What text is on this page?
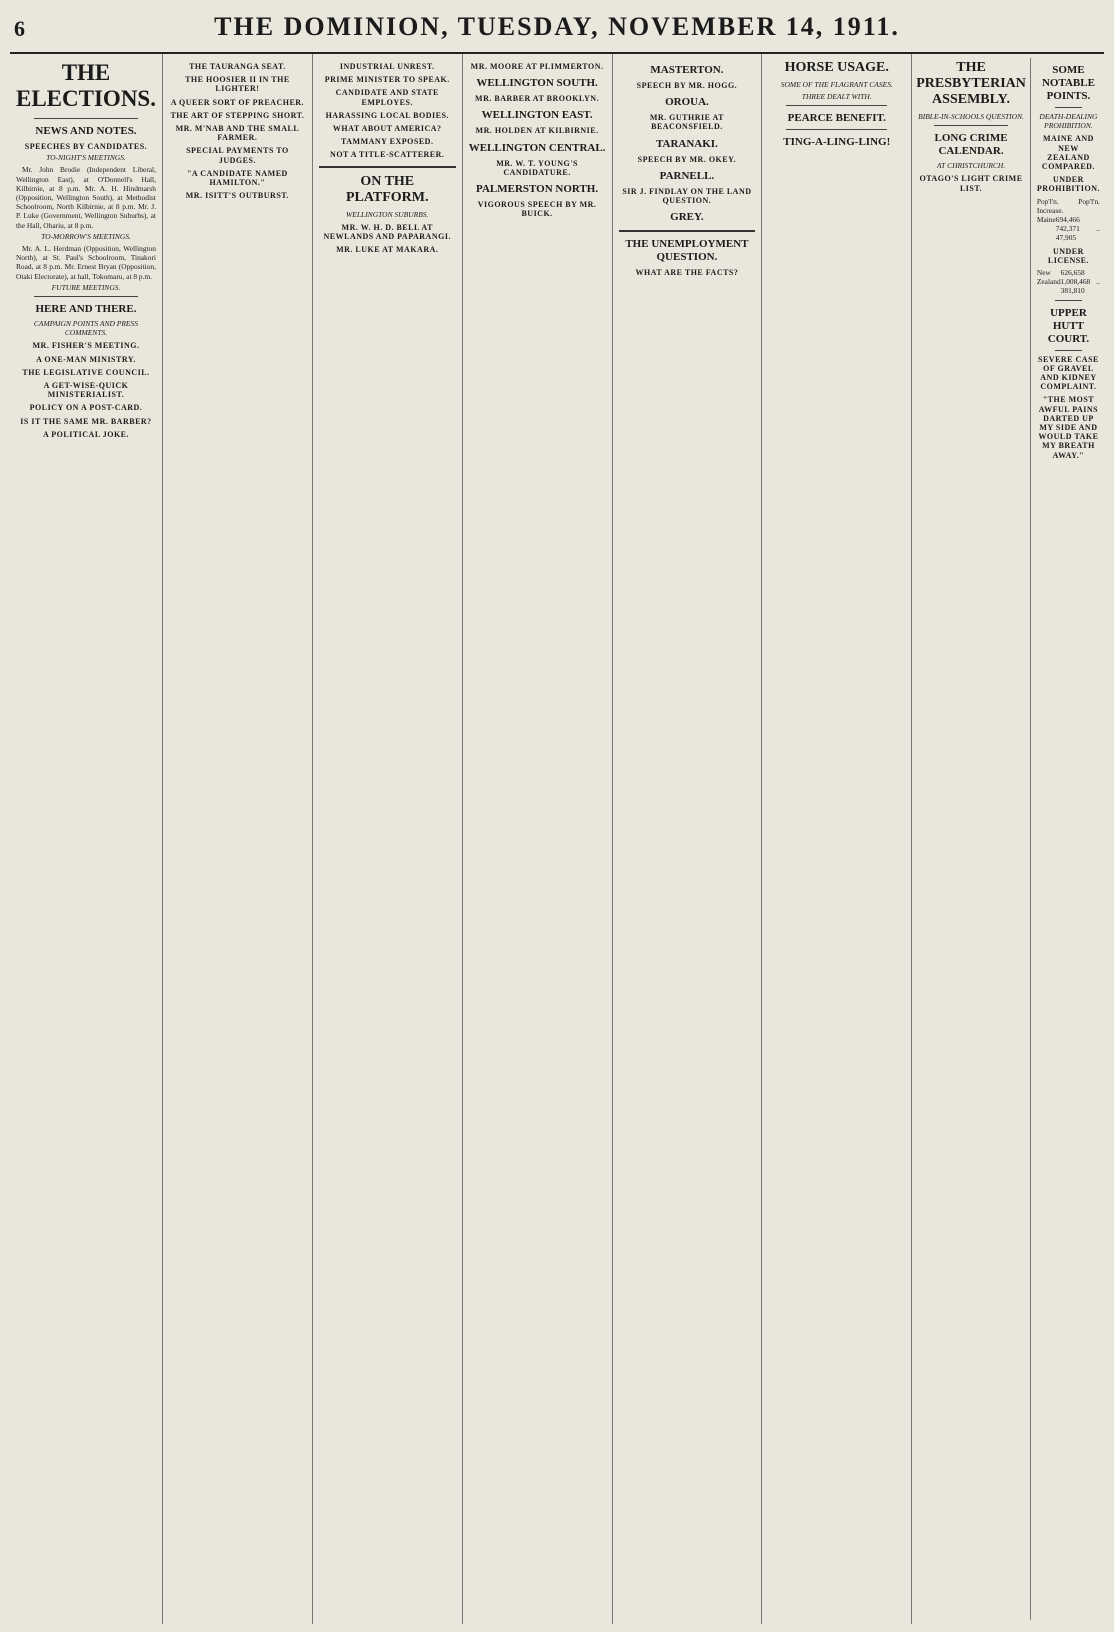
6	THE DOMINION, TUESDAY, NOVEMBER 14, 1911.
THE ELECTIONS.
NEWS AND NOTES.
SPEECHES BY CANDIDATES.
TO-NIGHT'S MEETINGS.

Mr. John Brodie (Independent Liberal, Wellington East), at O'Donnell's Hall, Kilbirnie, at 8 p.m. Mr. A. H. Hindmarsh (Opposition, Wellington South), at Methodist Schoolroom, North Kilbirnie, at 8 p.m. Mr. J. P. Luke (Government, Wellington Suburbs), at the Hall, Ohariu, at 8 p.m.

TO-MORROW'S MEETINGS.

Mr. A. L. Herdman (Opposition, Wellington North), at St. Paul's Schoolroom, Tinakori Road, at 8 p.m. Mr. Ernest Bryan (Opposition, Otaki Electorate), at hall, Tokomaru, at 8 p.m.

FUTURE MEETINGS.
HERE AND THERE.
CAMPAIGN POINTS AND PRESS COMMENTS.
MR. FISHER'S MEETING.
A ONE-MAN MINISTRY.
THE LEGISLATIVE COUNCIL.
A GET-WISE-QUICK MINISTERIALIST.
POLICY ON A POST-CARD.
IS IT THE SAME MR. BARBER?
A POLITICAL JOKE.
THE TAURANGA SEAT.
THE HOOSIER II IN THE LIGHTER!
A QUEER SORT OF PREACHER.
THE ART OF STEPPING SHORT.
MR. M'NAB AND THE SMALL FARMER.
SPECIAL PAYMENTS TO JUDGES.
"A CANDIDATE NAMED HAMILTON."
MR. ISITT'S OUTBURST.
INDUSTRIAL UNREST.
PRIME MINISTER TO SPEAK.
CANDIDATE AND STATE EMPLOYES.
HARASSING LOCAL BODIES.
WHAT ABOUT AMERICA?
TAMMANY EXPOSED.
NOT A TITLE-SCATTERER.
ON THE PLATFORM.
WELLINGTON SUBURBS.
MR. W. H. D. BELL AT NEWLANDS AND PAPARANGI.
MR. LUKE AT MAKARA.
MR. MOORE AT PLIMMERTON.
WELLINGTON SOUTH.
MR. BARBER AT BROOKLYN.
WELLINGTON EAST.
MR. HOLDEN AT KILBIRNIE.
WELLINGTON CENTRAL.
MR. W. T. YOUNG'S CANDIDATURE.
PALMERSTON NORTH.
VIGOROUS SPEECH BY MR. BUICK.
MASTERTON.
SPEECH BY MR. HOGG.
OROUA.
MR. GUTHRIE AT BEACONSFIELD.
TARANAKI.
SPEECH BY MR. OKEY.
PARNELL.
SIR J. FINDLAY ON THE LAND QUESTION.
GREY.
THE UNEMPLOYMENT QUESTION.
WHAT ARE THE FACTS?
HORSE USAGE.
SOME OF THE FLAGRANT CASES.
THREE DEALT WITH.
PEARCE BENEFIT.
TING-A-LING-LING!
THE PRESBYTERIAN ASSEMBLY.
BIBLE-IN-SCHOOLS QUESTION.
LONG CRIME CALENDAR.
AT CHRISTCHURCH.
OTAGO'S LIGHT CRIME LIST.
SOME NOTABLE POINTS.
DEATH-DEALING PROHIBITION.
MAINE AND NEW ZEALAND COMPARED.
UNDER PROHIBITION.
Pop'l'n. Pop'l'n. Increase.
Maine 694,466 742,371 .. 47,905
UNDER LICENSE.
New Zealand
626,658 1,008,468 .. 381,810
UPPER HUTT COURT.
SEVERE CASE OF GRAVEL AND KIDNEY COMPLAINT.
"THE MOST AWFUL PAINS DARTED UP MY SIDE AND WOULD TAKE MY BREATH AWAY."
